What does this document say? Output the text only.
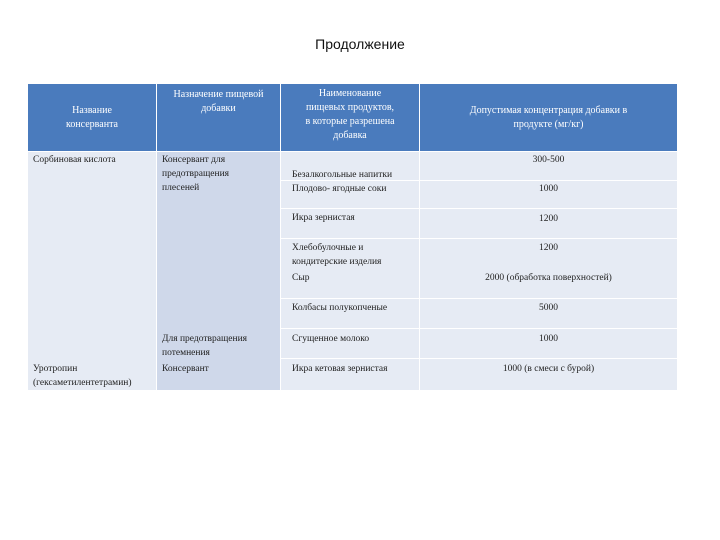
Продолжение
Название
консерванта
Назначение пищевой
добавки
Наименование
пищевых продуктов,
в которые разрешена
добавка
Допустимая концентрация добавки в
продукте (мг/кг)
Сорбиновая кислота
Уротропин
(гексаметилентетрамин)
Консервант для
предотвращения
плесеней
Для предотвращения
потемнения
Консервант
Безалкогольные напитки
Плодово- ягодные соки
Икра зернистая
Хлебобулочные и
кондитерские изделия
Сыр
Колбасы полукопченые
Сгущенное молоко
Икра кетовая зернистая
300-500
1000
1200
1200
2000 (обработка поверхностей)
5000
1000
1000 (в смеси с бурой)
